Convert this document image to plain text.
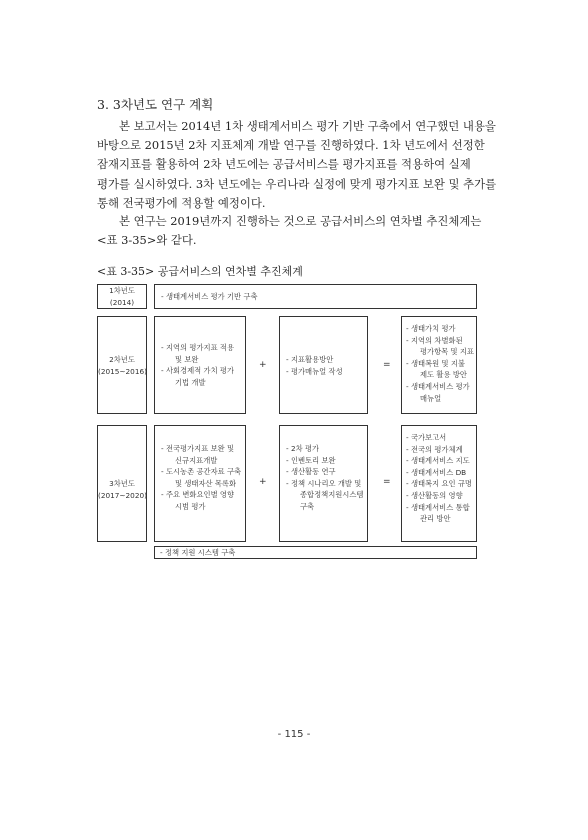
3. 3차년도 연구 계획
본 보고서는 2014년 1차 생태계서비스 평가 기반 구축에서 연구했던 내용을
바탕으로 2015년 2차 지표체계 개발 연구를 진행하였다. 1차 년도에서 선정한
잠재지표를 활용하여 2차 년도에는 공급서비스를 평가지표를 적용하여 실제
평가를 실시하였다. 3차 년도에는 우리나라 실정에 맞게 평가지표 보완 및 추가를
통해 전국평가에 적용할 예정이다.
본 연구는 2019년까지 진행하는 것으로 공급서비스의 연차별 추진체계는
<표 3-35>와 같다.
<표 3-35> 공급서비스의 연차별 추진체계
1차년도
(2014)
- 생태계서비스 평가 기반 구축
2차년도
(2015~2016)
- 지역의 평가지표 적용
및 보완
- 사회경제적 가치 평가
기법 개발
+
- 지표활용방안
- 평가매뉴얼 작성
=
- 생태가치 평가
- 지역의 차별화된
평가항목 및 지표
- 생태복원 및 지불
제도 활용 방안
- 생태계서비스 평가
매뉴얼
3차년도
(2017~2020)
- 전국평가지표 보완 및
신규지표개발
- 도시농촌 공간자료 구축
및 생태자산 목록화
- 주요 변화요인별 영향
시범 평가
+
- 2차 평가
- 인벤토리 보완
- 생산활동 연구
- 정책 시나리오 개발 및
종합정책지원시스템
구축
=
- 국가보고서
- 전국의 평가체계
- 생태계서비스 지도
- 생태계서비스 DB
- 생태복지 요인 규명
- 생산활동의 영향
- 생태계서비스 통합
관리 방안
- 정책 지원 시스템 구축
- 115 -
